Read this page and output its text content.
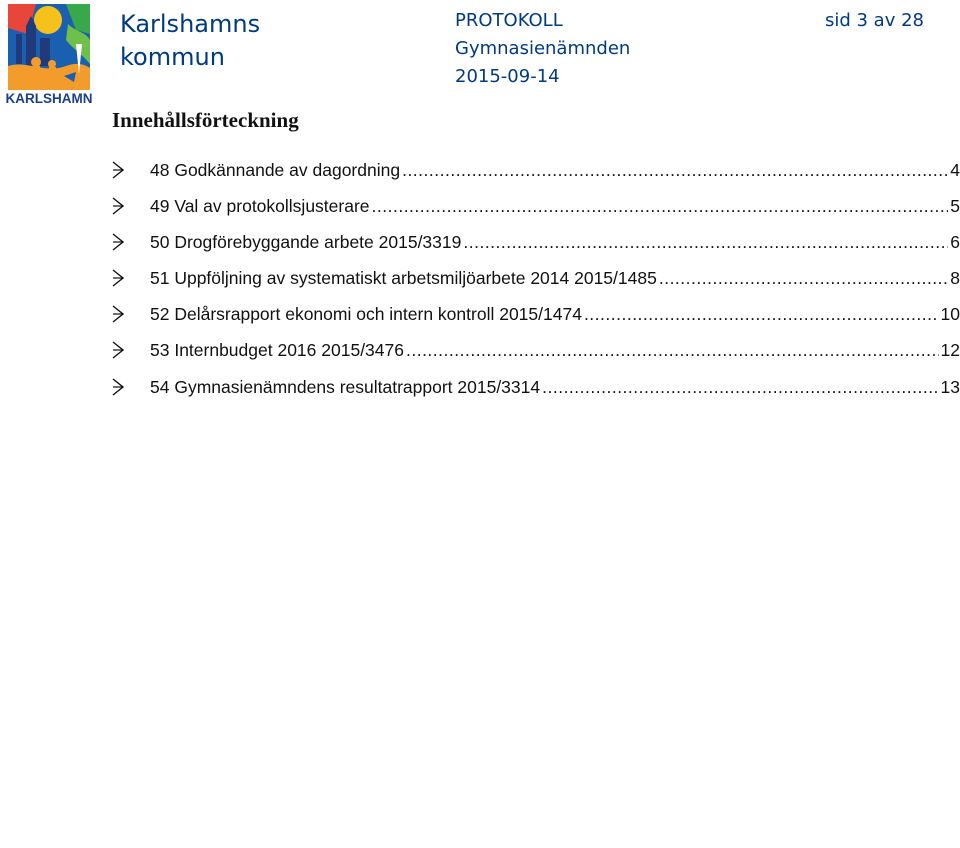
KARLSHAMN
Karlshamns
kommun
PROTOKOLL
Gymnasienämnden
2015-09-14
sid 3 av 28
Innehållsförteckning
48 Godkännande av dagordning .....	4
49 Val av protokollsjusterare .....	5
50 Drogförebyggande arbete 2015/3319 .....	6
51 Uppföljning av systematiskt arbetsmiljöarbete 2014 2015/1485 .....	8
52 Delårsrapport ekonomi och intern kontroll 2015/1474 .....	10
53 Internbudget 2016 2015/3476 .....	12
54 Gymnasienämndens resultatrapport 2015/3314 .....	13
